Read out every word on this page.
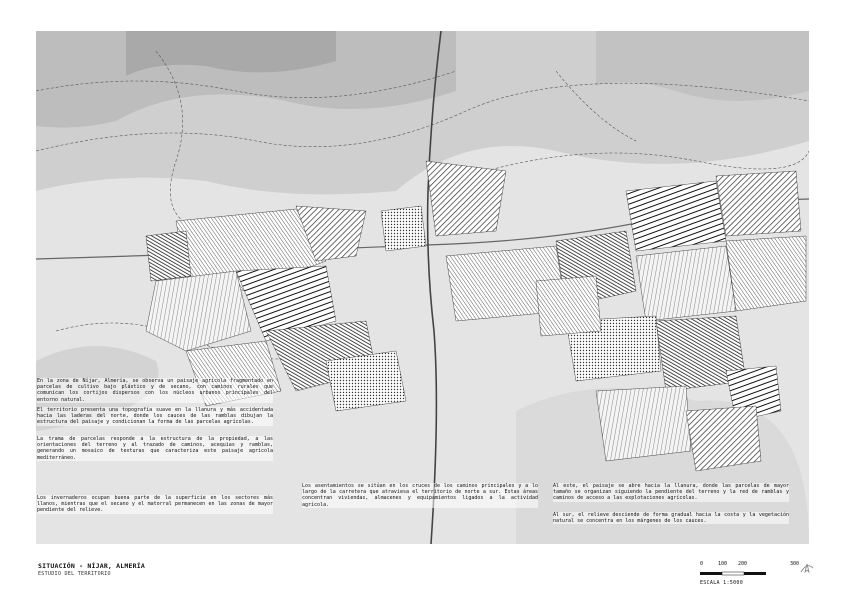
En la zona de Níjar, Almería, se observa un paisaje agrícola fragmentado en parcelas de cultivo bajo plástico y de secano, con caminos rurales que comunican los cortijos dispersos con los núcleos urbanos principales del entorno natural.

El territorio presenta una topografía suave en la llanura y más accidentada hacia las laderas del norte, donde los cauces de las ramblas dibujan la estructura del paisaje y condicionan la forma de las parcelas agrícolas.

La trama de parcelas responde a la estructura de la propiedad, a las orientaciones del terreno y al trazado de caminos, acequias y ramblas, generando un mosaico de texturas que caracteriza este paisaje agrícola mediterráneo.

Los invernaderos ocupan buena parte de la superficie en los sectores más llanos, mientras que el secano y el matorral permanecen en las zonas de mayor pendiente del relieve.

Los asentamientos se sitúan en los cruces de los caminos principales y a lo largo de la carretera que atraviesa el territorio de norte a sur. Estas áreas concentran viviendas, almacenes y equipamientos ligados a la actividad agrícola.

Al este, el paisaje se abre hacia la llanura, donde las parcelas de mayor tamaño se organizan siguiendo la pendiente del terreno y la red de ramblas y caminos de acceso a las explotaciones agrícolas.

Al sur, el relieve desciende de forma gradual hacia la costa y la vegetación natural se concentra en los márgenes de los cauces.

SITUACIÓN - NÍJAR, ALMERÍA

ESTUDIO DEL TERRITORIO

0	100 200	300

ESCALA 1:5000
